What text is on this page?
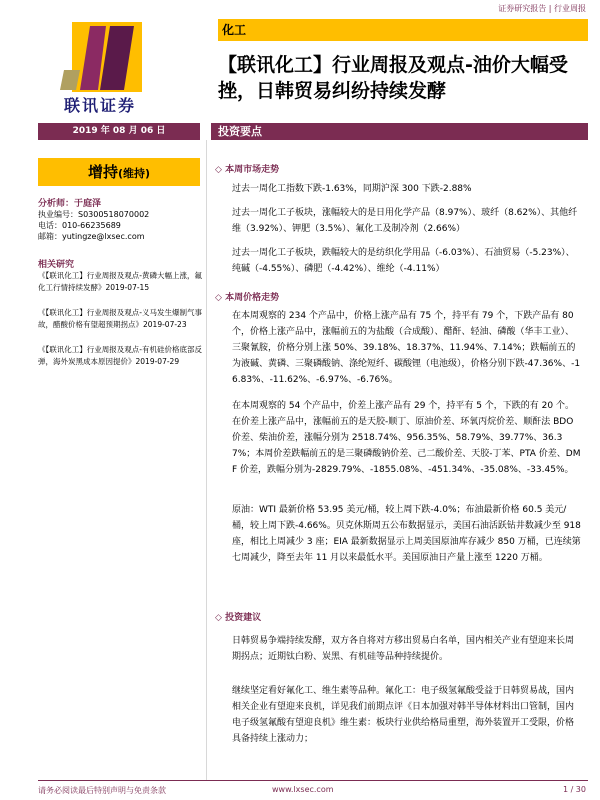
证券研究报告 | 行业周报
联讯证券
化工
【联讯化工】行业周报及观点-油价大幅受挫，日韩贸易纠纷持续发酵
2019 年 08 月 06 日	投资要点
增持(维持)
分析师：于庭泽
执业编号：S0300518070002
电话：010-66235689
邮箱：yutingze@lxsec.com
相关研究
《【联讯化工】行业周报及观点-黄磷大幅上涨，氟化工行情持续发酵》2019-07-15
《【联讯化工】行业周报及观点-义马发生爆制气事故，醋酸价格有望超预期拐点》2019-07-23
《【联讯化工】行业周报及观点-有机硅价格底部反弹，海外炭黑成本原因提价》2019-07-29
◇ 本周市场走势
过去一周化工指数下跌-1.63%，同期沪深 300 下跌-2.88%
过去一周化工子板块，涨幅较大的是日用化学产品（8.97%）、玻纤（8.62%）、其他纤维（3.92%）、钾肥（3.5%）、氟化工及制冷剂（2.66%）
过去一周化工子板块，跌幅较大的是纺织化学用品（-6.03%）、石油贸易（-5.23%）、纯碱（-4.55%）、磷肥（-4.42%）、维纶（-4.11%）
◇ 本周价格走势
在本周观察的 234 个产品中，价格上涨产品有 75 个，持平有 79 个，下跌产品有 80 个，价格上涨产品中，涨幅前五的为盐酸（合成酸）、醋酐、轻油、磷酸（华丰工业）、三聚氰胺，价格分别上涨 50%、39.18%、18.37%、11.94%、7.14%；跌幅前五的为液碱、黄磷、三聚磷酸钠、涤纶短纤、碳酸锂（电池级），价格分别下跌-47.36%、-16.83%、-11.62%、-6.97%、-6.76%。
在本周观察的 54 个产品中，价差上涨产品有 29 个，持平有 5 个，下跌的有 20 个。在价差上涨产品中，涨幅前五的是天胶-顺丁、原油价差、环氧丙烷价差、顺酐法 BDO 价差、柴油价差，涨幅分别为 2518.74%、956.35%、58.79%、39.77%、36.37%；本周价差跌幅前五的是三聚磷酸钠价差、己二酸价差、天胶-丁苯、PTA 价差、DMF 价差，跌幅分别为-2829.79%、-1855.08%、-451.34%、-35.08%、-33.45%。
原油：WTI 最新价格 53.95 美元/桶，较上周下跌-4.0%；布油最新价格 60.5 美元/桶，较上周下跌-4.66%。贝克休斯周五公布数据显示，美国石油活跃钻井数减少至 918 座，相比上周减少 3 座；EIA 最新数据显示上周美国原油库存减少 850 万桶，已连续第七周减少，降至去年 11 月以来最低水平。美国原油日产量上涨至 1220 万桶。
◇ 投资建议
日韩贸易争端持续发酵，双方各自将对方移出贸易白名单，国内相关产业有望迎来长周期拐点；近期钛白粉、炭黑、有机硅等品种持续提价。
继续坚定看好氟化工、维生素等品种。氟化工：电子级氢氟酸受益于日韩贸易战，国内相关企业有望迎来良机，详见我们前期点评《日本加强对韩半导体材料出口管制，国内电子级氢氟酸有望迎良机》维生素：板块行业供给格局重塑，海外装置开工受限，价格具备持续上涨动力；
请务必阅读最后特别声明与免责条款	www.lxsec.com	1 / 30
